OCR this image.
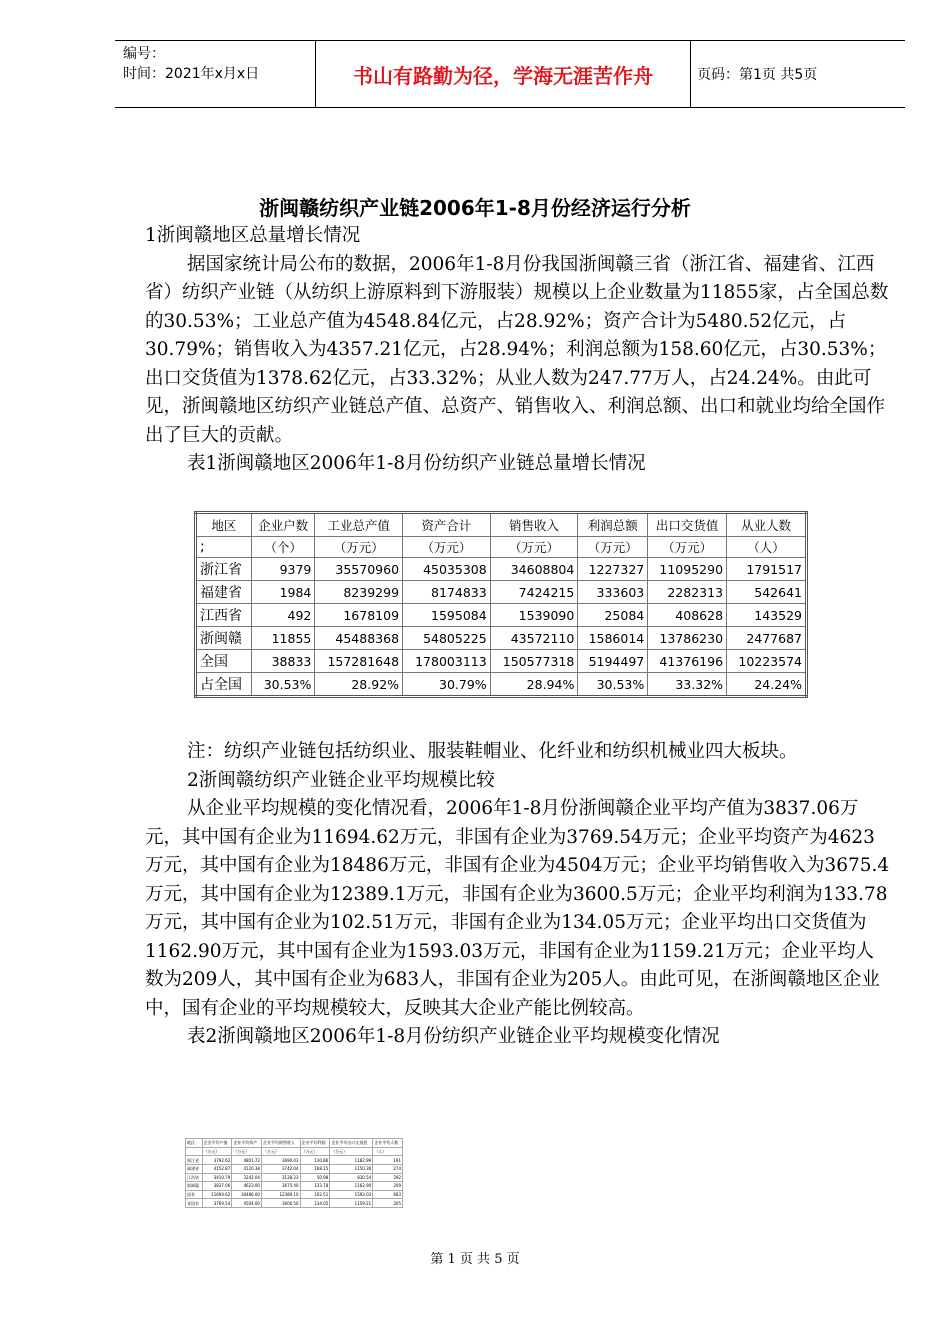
编号：
时间：2021年x月x日	书山有路勤为径，学海无涯苦作舟	页码：第1页 共5页
浙闽赣纺织产业链2006年1-8月份经济运行分析

1浙闽赣地区总量增长情况

据国家统计局公布的数据，2006年1-8月份我国浙闽赣三省（浙江省、福建省、江西省）纺织产业链（从纺织上游原料到下游服装）规模以上企业数量为11855家，占全国总数的30.53%；工业总产值为4548.84亿元，占28.92%；资产合计为5480.52亿元，占30.79%；销售收入为4357.21亿元，占28.94%；利润总额为158.60亿元，占30.53%；出口交货值为1378.62亿元，占33.32%；从业人数为247.77万人，占24.24%。由此可见，浙闽赣地区纺织产业链总产值、总资产、销售收入、利润总额、出口和就业均给全国作出了巨大的贡献。

表1浙闽赣地区2006年1-8月份纺织产业链总量增长情况

地区	企业户数	工业总产值	资产合计	销售收入	利润总额	出口交货值	从业人数
;	（个）	（万元）	（万元）	（万元）	（万元）	（万元）	（人）
浙江省	9379	35570960	45035308	34608804	1227327	11095290	1791517
福建省	1984	8239299	8174833	7424215	333603	2282313	542641
江西省	492	1678109	1595084	1539090	25084	408628	143529
浙闽赣	11855	45488368	54805225	43572110	1586014	13786230	2477687
全国	38833	157281648	178003113	150577318	5194497	41376196	10223574
占全国	30.53%	28.92%	30.79%	28.94%	30.53%	33.32%	24.24%

注：纺织产业链包括纺织业、服装鞋帽业、化纤业和纺织机械业四大板块。

2浙闽赣纺织产业链企业平均规模比较

从企业平均规模的变化情况看，2006年1-8月份浙闽赣企业平均产值为3837.06万元，其中国有企业为11694.62万元，非国有企业为3769.54万元；企业平均资产为4623万元，其中国有企业为18486万元，非国有企业为4504万元；企业平均销售收入为3675.4万元，其中国有企业为12389.1万元，非国有企业为3600.5万元；企业平均利润为133.78万元，其中国有企业为102.51万元，非国有企业为134.05万元；企业平均出口交货值为1162.90万元，其中国有企业为1593.03万元，非国有企业为1159.21万元；企业平均人数为209人，其中国有企业为683人，非国有企业为205人。由此可见，在浙闽赣地区企业中，国有企业的平均规模较大，反映其大企业产能比例较高。

表2浙闽赣地区2006年1-8月份纺织产业链企业平均规模变化情况

地区	企业平均产值	企业平均资产	企业平均销售收入	企业平均利润	企业平均出口交货值	企业平均人数
	（万元）	（万元）	（万元）	（万元）	（万元）	（人）
浙江省	3792.62	4801.72	3690.03	130.86	1182.99	191
福建省	4152.87	4120.38	3742.04	168.15	1150.36	274
江西省	3410.79	3242.04	3128.23	50.98	830.54	292
浙闽赣	3837.06	4623.00	3675.40	133.78	1162.90	209
国有	11694.62	18486.00	12389.10	102.51	1593.03	683
非国有	3769.54	4504.00	3600.50	134.05	1159.21	205
第 1 页 共 5 页
